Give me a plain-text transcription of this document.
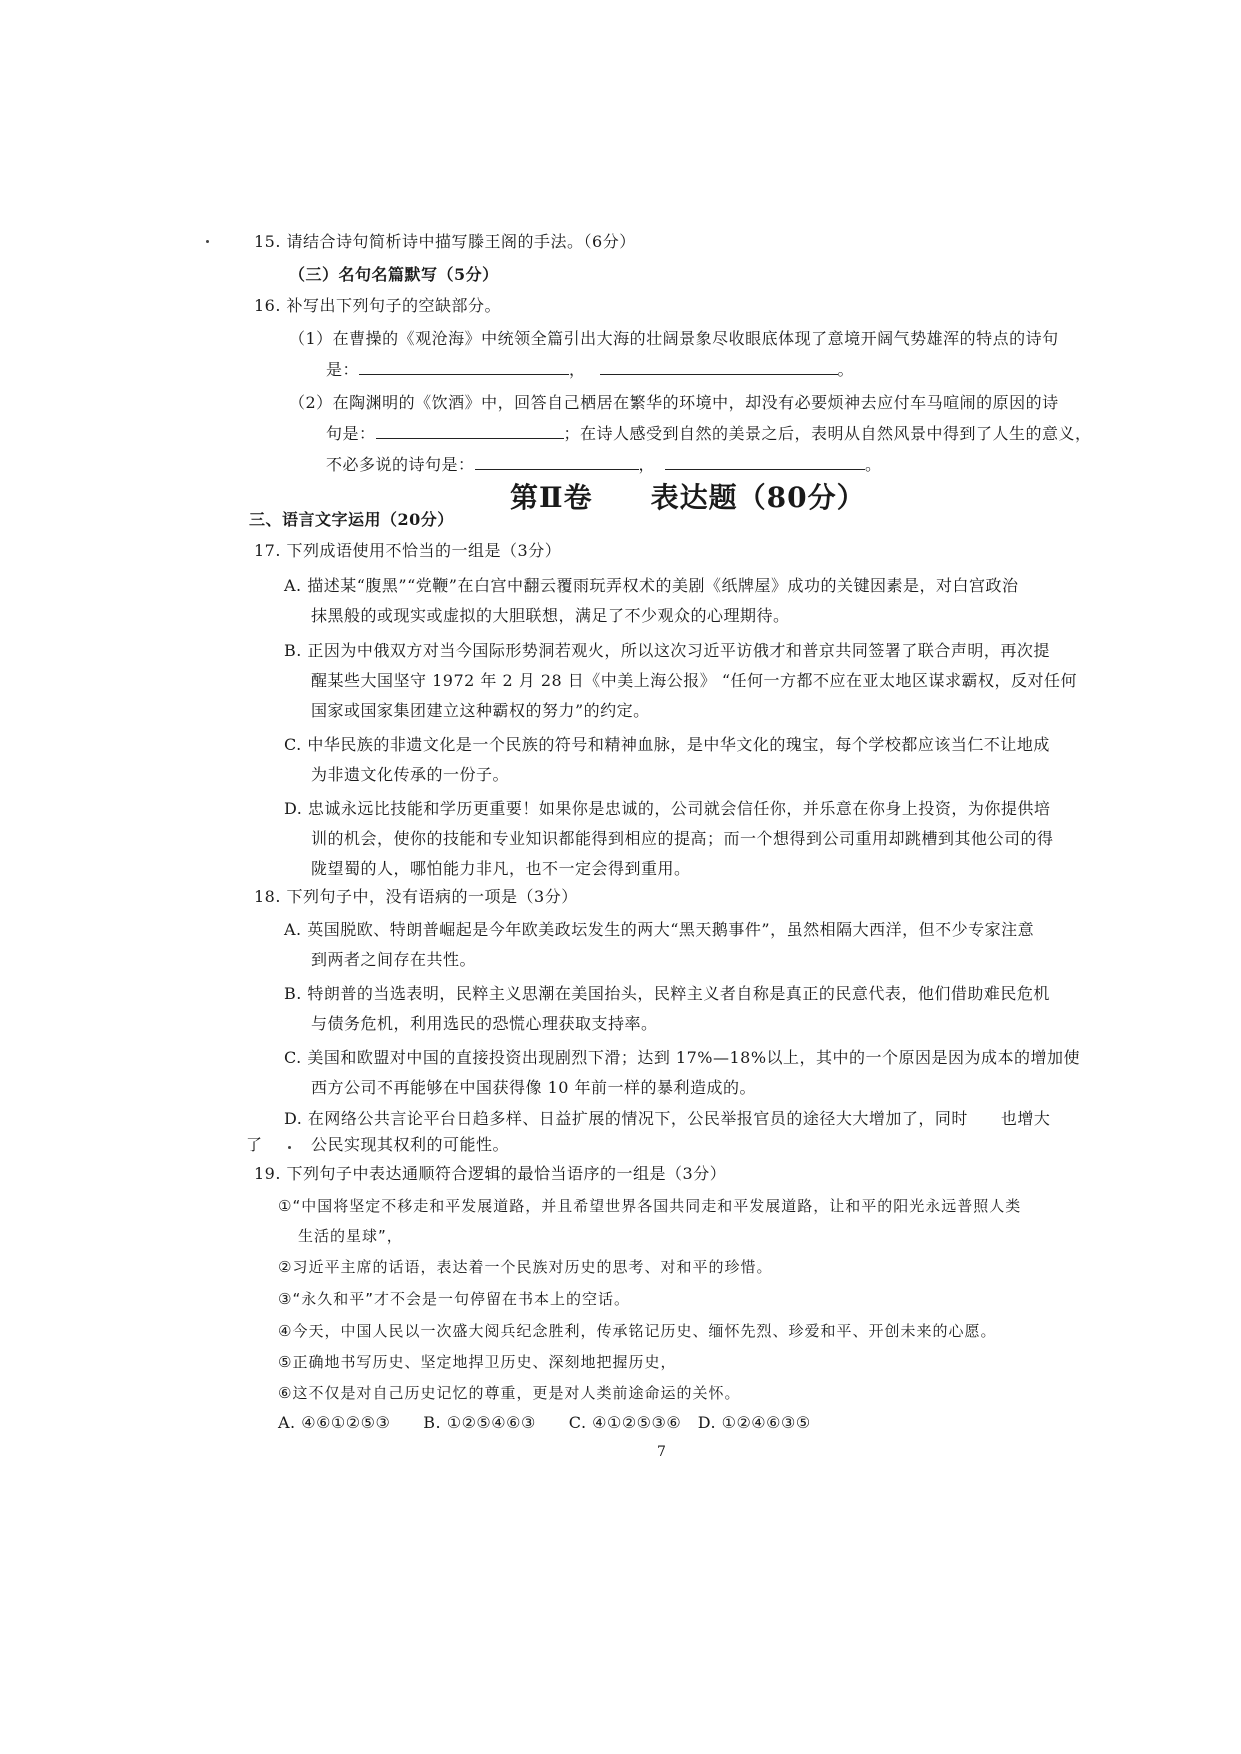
15. 请结合诗句简析诗中描写滕王阁的手法。（6分）
（三）名句名篇默写（5分）
16. 补写出下列句子的空缺部分。
（1）在曹操的《观沧海》中统领全篇引出大海的壮阔景象尽收眼底体现了意境开阔气势雄浑的特点的诗句
是：	，	。
（2）在陶渊明的《饮酒》中，回答自己栖居在繁华的环境中，却没有必要烦神去应付车马喧闹的原因的诗
句是：	；在诗人感受到自然的美景之后，表明从自然风景中得到了人生的意义，
不必多说的诗句是：	，	。
第Ⅱ卷　　表达题（80分）
三、语言文字运用（20分）
17. 下列成语使用不恰当的一组是（3分）
A. 描述某“腹黑”“党鞭”在白宫中翻云覆雨玩弄权术的美剧《纸牌屋》成功的关键因素是，对白宫政治
抹黑般的或现实或虚拟的大胆联想，满足了不少观众的心理期待。
B. 正因为中俄双方对当今国际形势洞若观火，所以这次习近平访俄才和普京共同签署了联合声明，再次提
醒某些大国坚守 1972 年 2 月 28 日《中美上海公报》 “任何一方都不应在亚太地区谋求霸权，反对任何
国家或国家集团建立这种霸权的努力”的约定。
C. 中华民族的非遗文化是一个民族的符号和精神血脉，是中华文化的瑰宝，每个学校都应该当仁不让地成
为非遗文化传承的一份子。
D. 忠诚永远比技能和学历更重要！如果你是忠诚的，公司就会信任你，并乐意在你身上投资，为你提供培
训的机会，使你的技能和专业知识都能得到相应的提高；而一个想得到公司重用却跳槽到其他公司的得
陇望蜀的人，哪怕能力非凡，也不一定会得到重用。
18. 下列句子中，没有语病的一项是（3分）
A. 英国脱欧、特朗普崛起是今年欧美政坛发生的两大“黑天鹅事件”，虽然相隔大西洋，但不少专家注意
到两者之间存在共性。
B. 特朗普的当选表明，民粹主义思潮在美国抬头，民粹主义者自称是真正的民意代表，他们借助难民危机
与债务危机，利用选民的恐慌心理获取支持率。
C. 美国和欧盟对中国的直接投资出现剧烈下滑；达到 17%—18%以上，其中的一个原因是因为成本的增加使
西方公司不再能够在中国获得像 10 年前一样的暴利造成的。
D. 在网络公共言论平台日趋多样、日益扩展的情况下，公民举报官员的途径大大增加了，同时　　也增大
了	公民实现其权利的可能性。
19. 下列句子中表达通顺符合逻辑的最恰当语序的一组是（3分）
①“中国将坚定不移走和平发展道路，并且希望世界各国共同走和平发展道路，让和平的阳光永远普照人类
生活的星球”，
②习近平主席的话语，表达着一个民族对历史的思考、对和平的珍惜。
③“永久和平”才不会是一句停留在书本上的空话。
④今天，中国人民以一次盛大阅兵纪念胜利，传承铭记历史、缅怀先烈、珍爱和平、开创未来的心愿。
⑤正确地书写历史、坚定地捍卫历史、深刻地把握历史，
⑥这不仅是对自己历史记忆的尊重，更是对人类前途命运的关怀。
A. ④⑥①②⑤③　　B. ①②⑤④⑥③　　C. ④①②⑤③⑥　D. ①②④⑥③⑤
7
